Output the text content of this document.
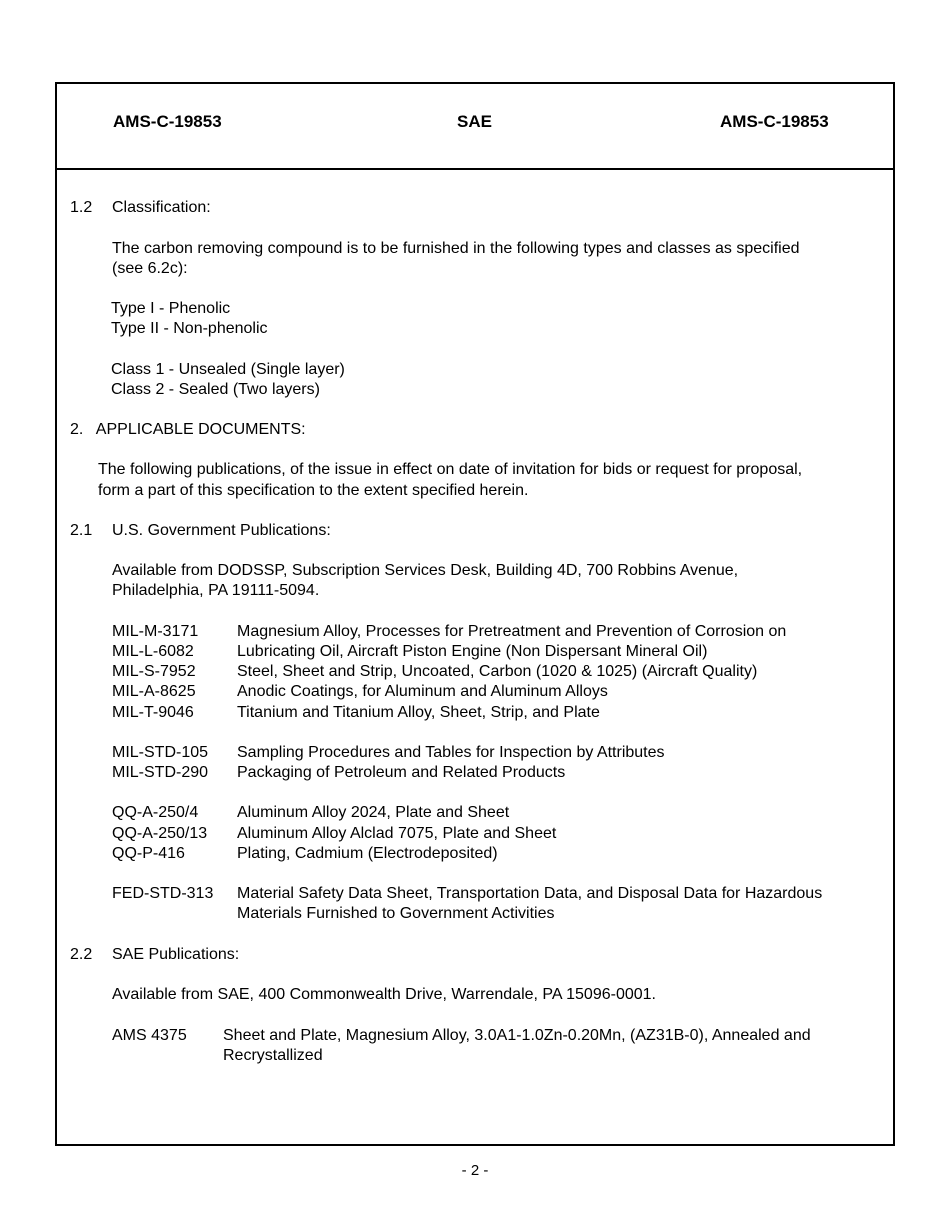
AMS-C-19853	SAE	AMS-C-19853
1.2 Classification:
The carbon removing compound is to be furnished in the following types and classes as specified
(see 6.2c):
Type I - Phenolic
Type II - Non-phenolic
Class 1 - Unsealed (Single layer)
Class 2 - Sealed (Two layers)
2.   APPLICABLE DOCUMENTS:
The following publications, of the issue in effect on date of invitation for bids or request for proposal,
form a part of this specification to the extent specified herein.
2.1 U.S. Government Publications:
Available from DODSSP, Subscription Services Desk, Building 4D, 700 Robbins Avenue,
Philadelphia, PA 19111-5094.
MIL-M-3171 Magnesium Alloy, Processes for Pretreatment and Prevention of Corrosion on
MIL-L-6082	Lubricating Oil, Aircraft Piston Engine (Non Dispersant Mineral Oil)
MIL-S-7952	Steel, Sheet and Strip, Uncoated, Carbon (1020 & 1025) (Aircraft Quality)
MIL-A-8625	Anodic Coatings, for Aluminum and Aluminum Alloys
MIL-T-9046	Titanium and Titanium Alloy, Sheet, Strip, and Plate
MIL-STD-105 Sampling Procedures and Tables for Inspection by Attributes
MIL-STD-290 Packaging of Petroleum and Related Products
QQ-A-250/4 Aluminum Alloy 2024, Plate and Sheet
QQ-A-250/13 Aluminum Alloy Alclad 7075, Plate and Sheet
QQ-P-416	Plating, Cadmium (Electrodeposited)
FED-STD-313 Material Safety Data Sheet, Transportation Data, and Disposal Data for Hazardous
Materials Furnished to Government Activities
2.2 SAE Publications:
Available from SAE, 400 Commonwealth Drive, Warrendale, PA 15096-0001.
AMS 4375 Sheet and Plate, Magnesium Alloy, 3.0A1-1.0Zn-0.20Mn, (AZ31B-0), Annealed and
Recrystallized
- 2 -
